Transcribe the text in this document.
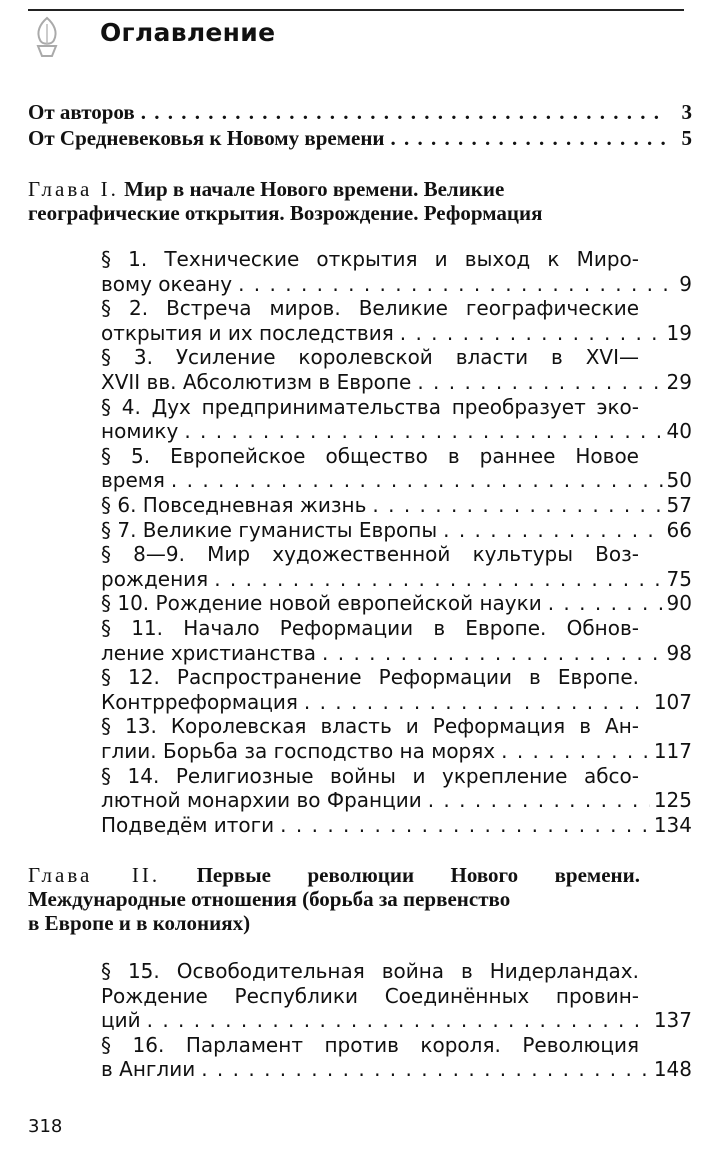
Оглавление
От авторов . . .	3
От Средневековья к Новому времени . . .	5
Глава I. Мир в начале Нового времени. Великие
географические открытия. Возрождение. Реформация
§ 1. Технические открытия и выход к Миро-
вому океану . . .	9
§ 2. Встреча миров. Великие географические
открытия и их последствия . . .	19
§ 3. Усиление королевской власти в XVI—
XVII вв. Абсолютизм в Европе . . .	29
§ 4. Дух предпринимательства преобразует эко-
номику . . .	40
§ 5. Европейское общество в раннее Новое
время . . .	50
§ 6. Повседневная жизнь . . .	57
§ 7. Великие гуманисты Европы . . .	66
§ 8—9. Мир художественной культуры Воз-
рождения . . .	75
§ 10. Рождение новой европейской науки . . .	90
§ 11. Начало Реформации в Европе. Обнов-
ление христианства . . .	98
§ 12. Распространение Реформации в Европе.
Контрреформация . . .	107
§ 13. Королевская власть и Реформация в Ан-
глии. Борьба за господство на морях . . .	117
§ 14. Религиозные войны и укрепление абсо-
лютной монархии во Франции . . .	125
Подведём итоги . . .	134
Глава II. Первые революции Нового времени.
Международные отношения (борьба за первенство
в Европе и в колониях)
§ 15. Освободительная война в Нидерландах.
Рождение Республики Соединённых провин-
ций . . .	137
§ 16. Парламент против короля. Революция
в Англии . . .	148
318
